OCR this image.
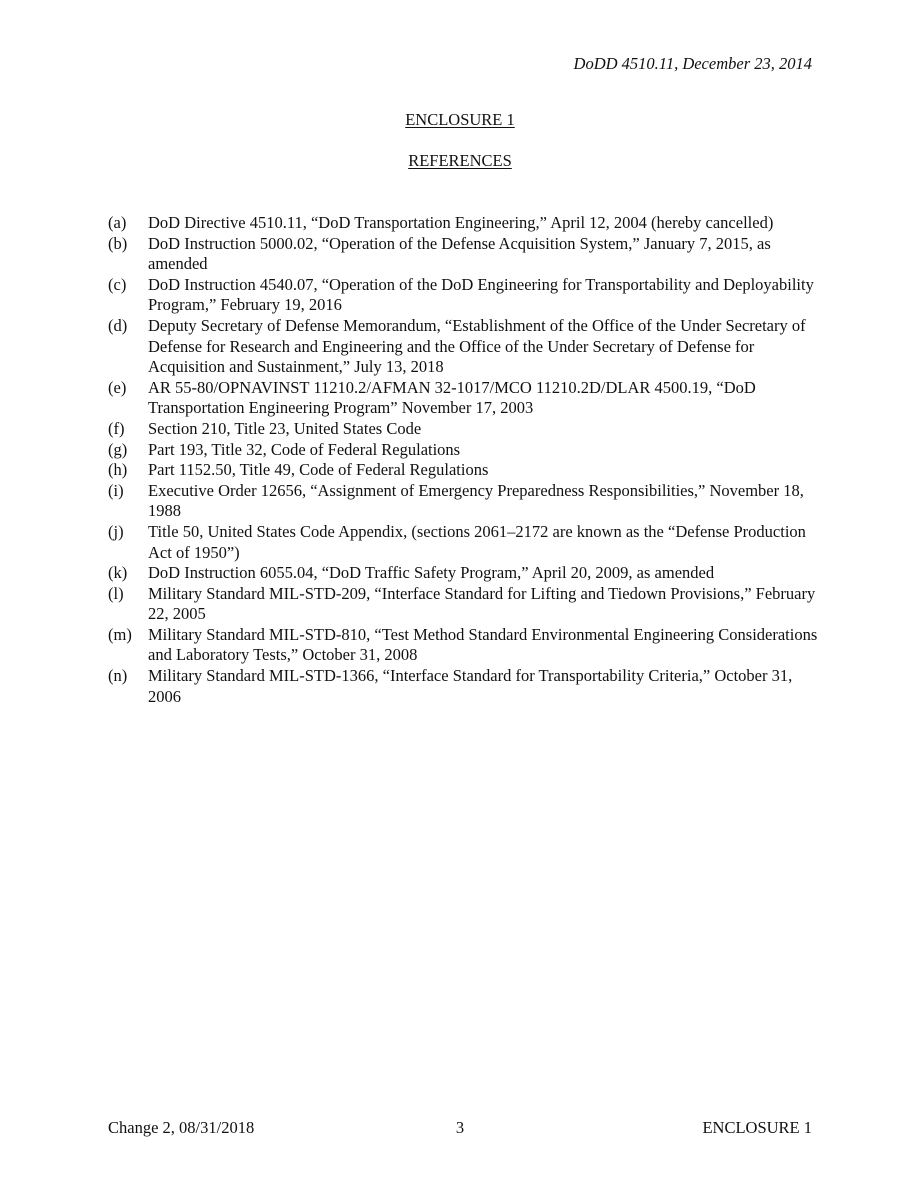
DoDD 4510.11, December 23, 2014
ENCLOSURE 1
REFERENCES
(a) DoD Directive 4510.11, “DoD Transportation Engineering,” April 12, 2004 (hereby cancelled)
(b) DoD Instruction 5000.02, “Operation of the Defense Acquisition System,” January 7, 2015, as amended
(c) DoD Instruction 4540.07, “Operation of the DoD Engineering for Transportability and Deployability Program,” February 19, 2016
(d) Deputy Secretary of Defense Memorandum, “Establishment of the Office of the Under Secretary of Defense for Research and Engineering and the Office of the Under Secretary of Defense for Acquisition and Sustainment,” July 13, 2018
(e) AR 55-80/OPNAVINST 11210.2/AFMAN 32-1017/MCO 11210.2D/DLAR 4500.19, “DoD Transportation Engineering Program” November 17, 2003
(f) Section 210, Title 23, United States Code
(g) Part 193, Title 32, Code of Federal Regulations
(h) Part 1152.50, Title 49, Code of Federal Regulations
(i) Executive Order 12656, “Assignment of Emergency Preparedness Responsibilities,” November 18, 1988
(j) Title 50, United States Code Appendix, (sections 2061–2172 are known as the “Defense Production Act of 1950”)
(k) DoD Instruction 6055.04, “DoD Traffic Safety Program,” April 20, 2009, as amended
(l) Military Standard MIL-STD-209, “Interface Standard for Lifting and Tiedown Provisions,” February 22, 2005
(m) Military Standard MIL-STD-810, “Test Method Standard Environmental Engineering Considerations and Laboratory Tests,” October 31, 2008
(n) Military Standard MIL-STD-1366, “Interface Standard for Transportability Criteria,” October 31, 2006
Change 2, 08/31/2018	3	ENCLOSURE 1
